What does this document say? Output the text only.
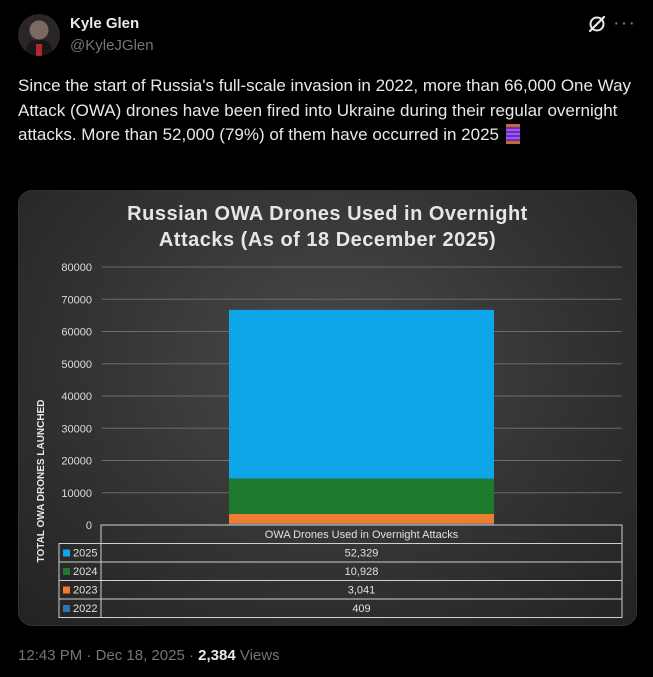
Kyle Glen
@KyleJGlen
···
Since the start of Russia's full-scale invasion in 2022, more than 66,000 One Way Attack (OWA) drones have been fired into Ukraine during their regular overnight attacks. More than 52,000 (79%) of them have occurred in 2025
Russian OWA Drones Used in Overnight
Attacks (As of 18 December 2025)
TOTAL OWA DRONES LAUNCHED	0
10000
20000
30000
40000
50000
60000
70000
80000
OWA Drones Used in Overnight Attacks
2025	52,329
2024	10,928
2023	3,041
2022	409
12:43 PM · Dec 18, 2025 · 2,384 Views
